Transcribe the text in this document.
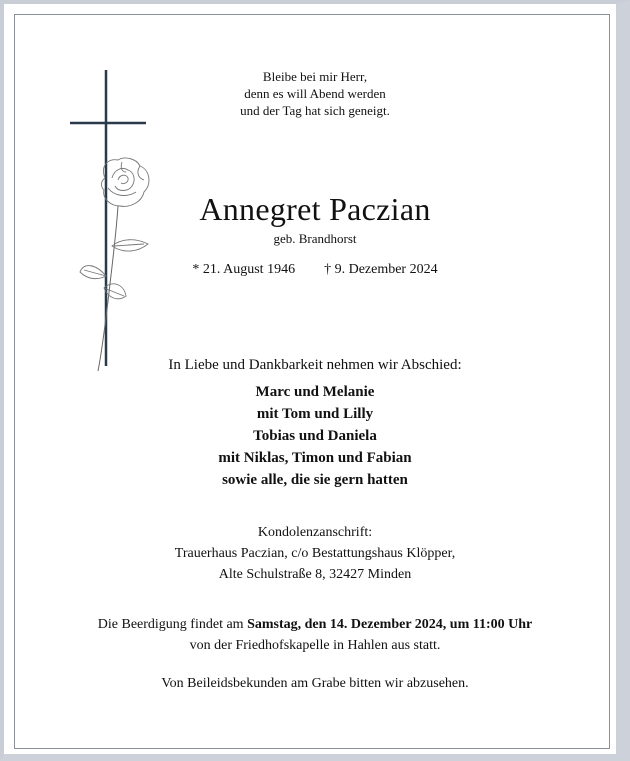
Bleibe bei mir Herr,
denn es will Abend werden
und der Tag hat sich geneigt.
Annegret Paczian
geb. Brandhorst
* 21. August 1946 † 9. Dezember 2024
In Liebe und Dankbarkeit nehmen wir Abschied:
Marc und Melanie
mit Tom und Lilly
Tobias und Daniela
mit Niklas, Timon und Fabian
sowie alle, die sie gern hatten
Kondolenzanschrift:
Trauerhaus Paczian, c/o Bestattungshaus Klöpper,
Alte Schulstraße 8, 32427 Minden
Die Beerdigung findet am Samstag, den 14. Dezember 2024, um 11:00 Uhr
von der Friedhofskapelle in Hahlen aus statt.
Von Beileidsbekunden am Grabe bitten wir abzusehen.
